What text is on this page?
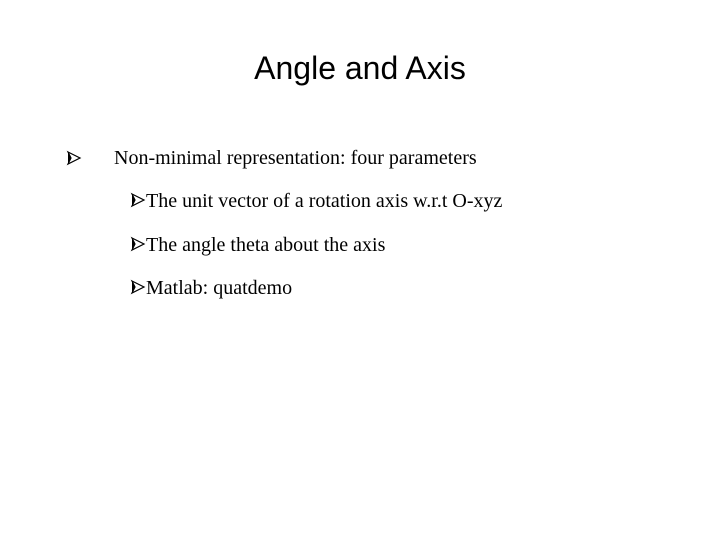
Angle and Axis
Non-minimal representation: four parameters
The unit vector of a rotation axis w.r.t O-xyz
The angle theta about the axis
Matlab: quatdemo
